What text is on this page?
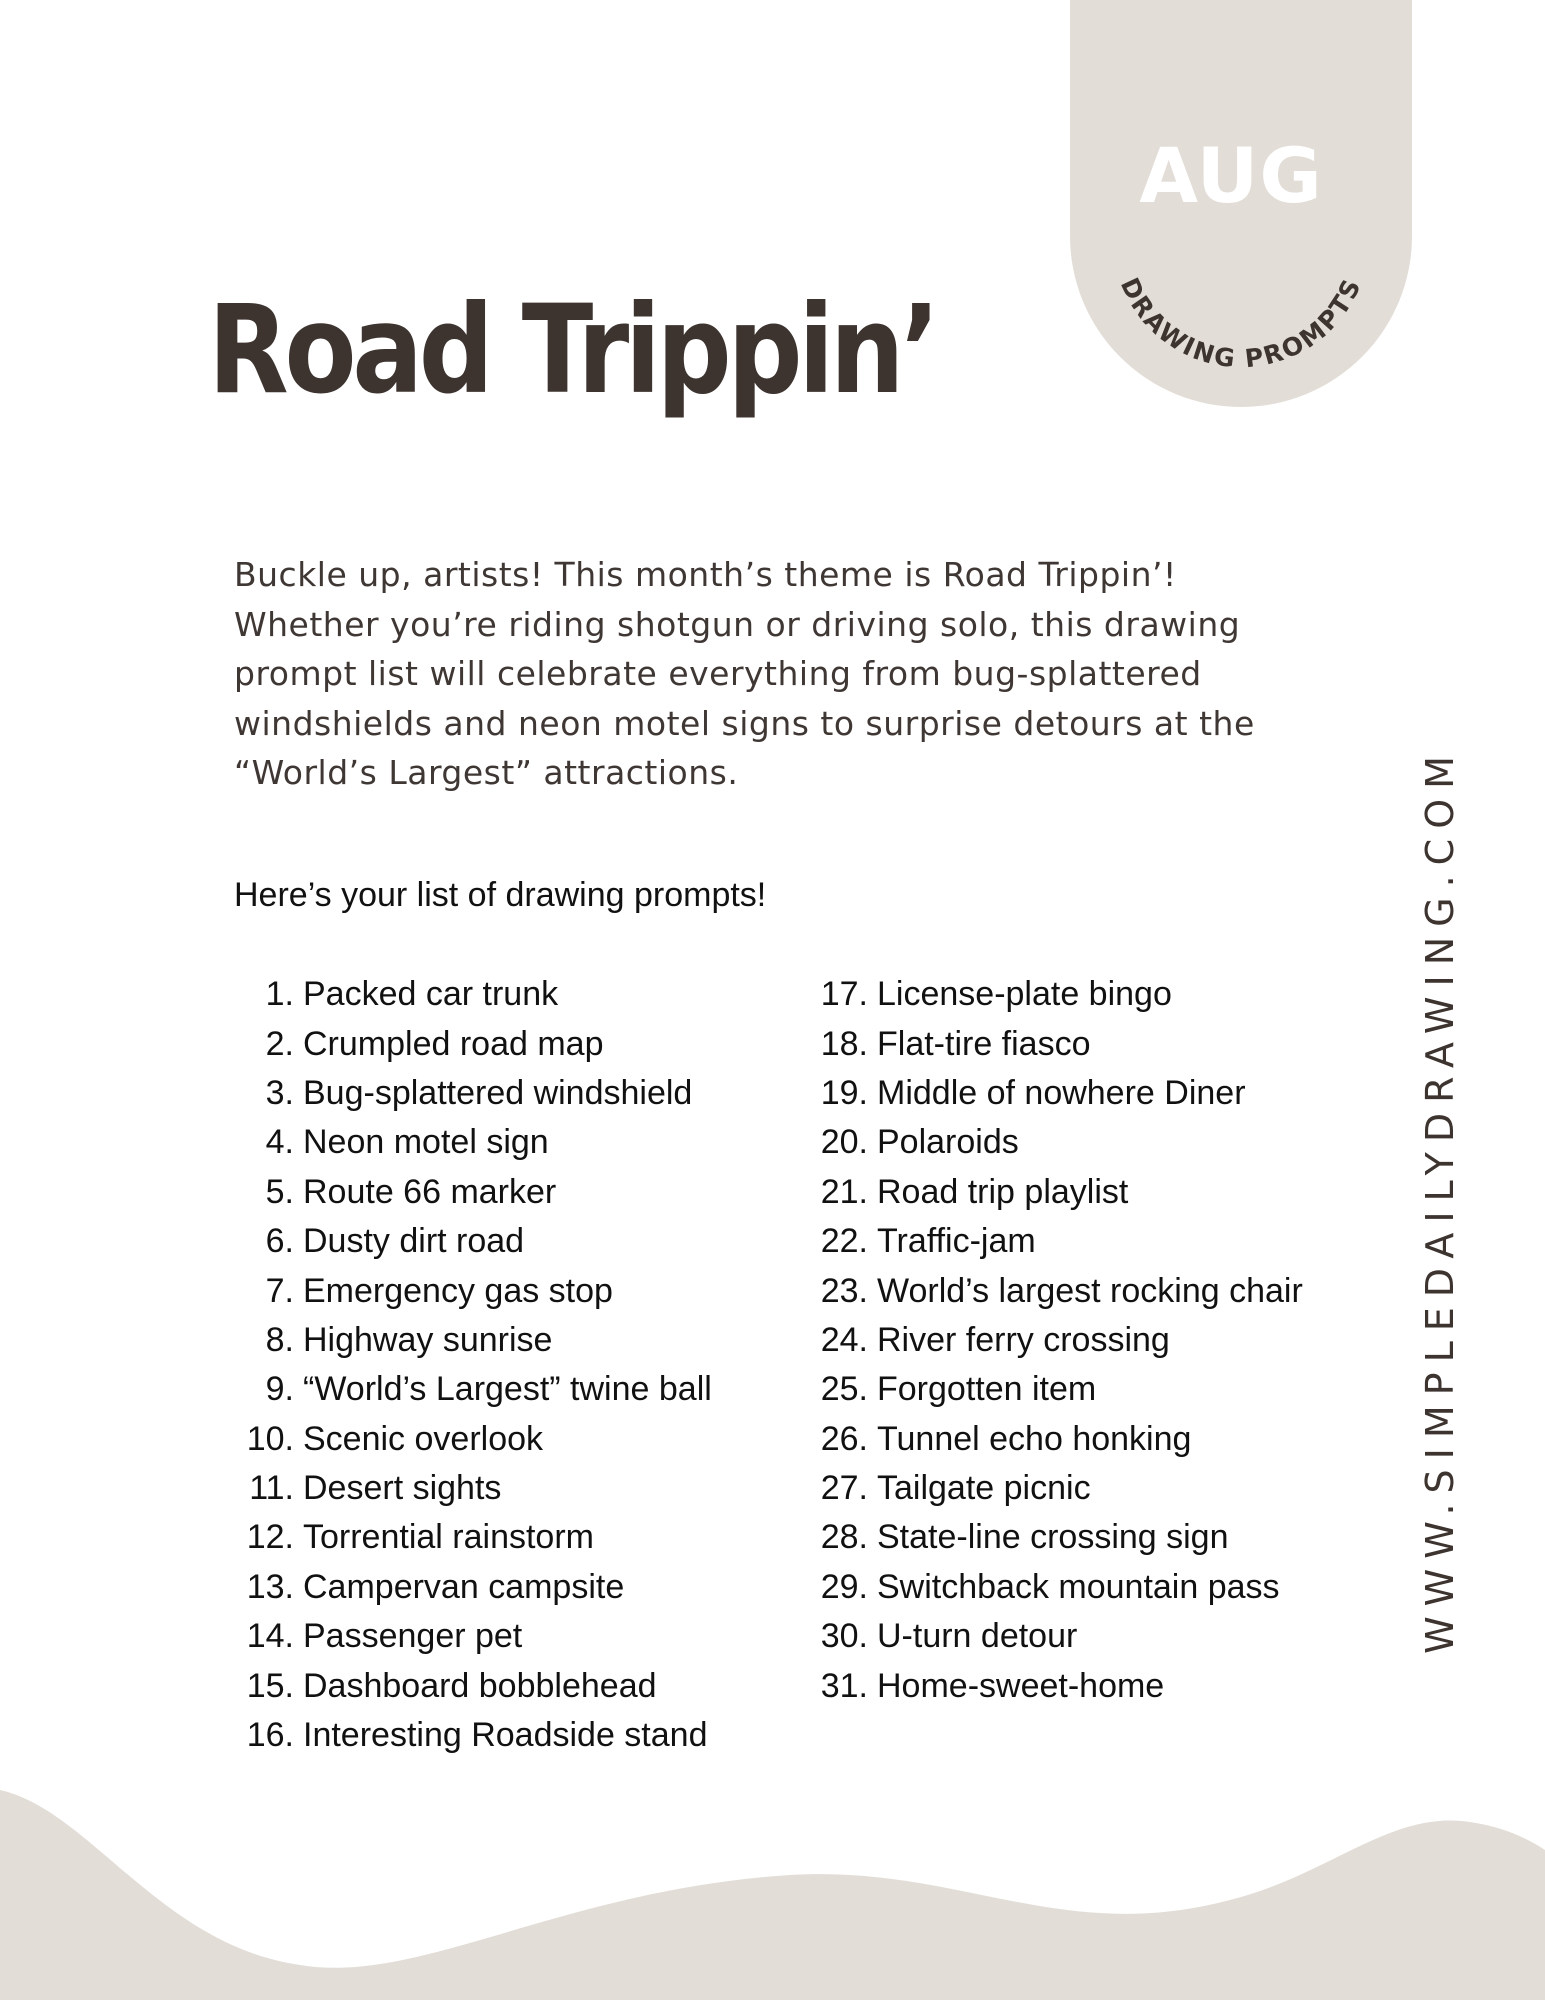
AUG
DRAWING PROMPTS
Road Trippin’

Buckle up, artists! This month’s theme is Road Trippin’! Whether you’re riding shotgun or driving solo, this drawing prompt list will celebrate everything from bug-splattered windshields and neon motel signs to surprise detours at the “World’s Largest” attractions.

Here’s your list of drawing prompts!

1. Packed car trunk
2. Crumpled road map
3. Bug-splattered windshield
4. Neon motel sign
5. Route 66 marker
6. Dusty dirt road
7. Emergency gas stop
8. Highway sunrise
9. “World’s Largest” twine ball
10. Scenic overlook
11. Desert sights
12. Torrential rainstorm
13. Campervan campsite
14. Passenger pet
15. Dashboard bobblehead
16. Interesting Roadside stand
17. License-plate bingo
18. Flat-tire fiasco
19. Middle of nowhere Diner
20. Polaroids
21. Road trip playlist
22. Traffic-jam
23. World’s largest rocking chair
24. River ferry crossing
25. Forgotten item
26. Tunnel echo honking
27. Tailgate picnic
28. State-line crossing sign
29. Switchback mountain pass
30. U-turn detour
31. Home-sweet-home
WWW.SIMPLEDAILYDRAWING.COM
